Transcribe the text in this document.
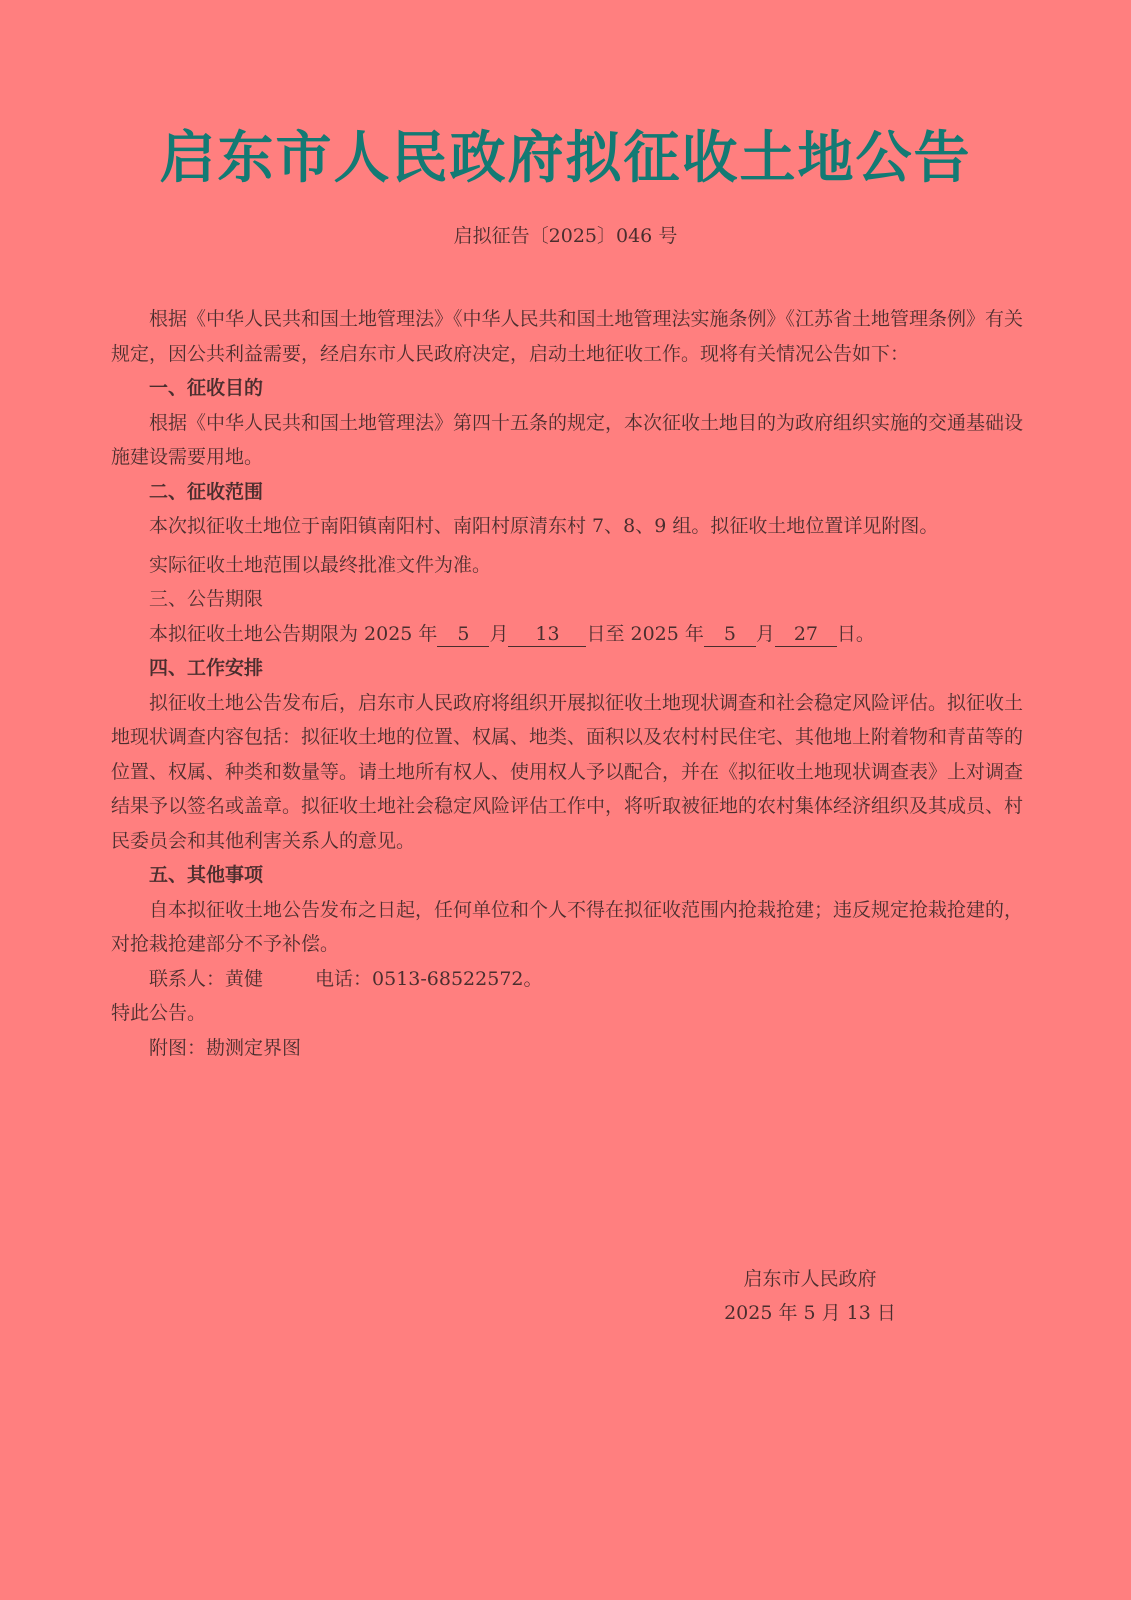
启东市人民政府拟征收土地公告
启拟征告〔2025〕046 号

根据《中华人民共和国土地管理法》《中华人民共和国土地管理法实施条例》《江苏省土地管理条例》有关规定，因公共利益需要，经启东市人民政府决定，启动土地征收工作。现将有关情况公告如下：

一、征收目的

根据《中华人民共和国土地管理法》第四十五条的规定，本次征收土地目的为政府组织实施的交通基础设施建设需要用地。

二、征收范围

本次拟征收土地位于南阳镇南阳村、南阳村原清东村 7、8、9 组。拟征收土地位置详见附图。

实际征收土地范围以最终批准文件为准。

三、公告期限

本拟征收土地公告期限为 2025 年 5 月 13 日至 2025 年 5 月 27 日。

四、工作安排

拟征收土地公告发布后，启东市人民政府将组织开展拟征收土地现状调查和社会稳定风险评估。拟征收土地现状调查内容包括：拟征收土地的位置、权属、地类、面积以及农村村民住宅、其他地上附着物和青苗等的位置、权属、种类和数量等。请土地所有权人、使用权人予以配合，并在《拟征收土地现状调查表》上对调查结果予以签名或盖章。拟征收土地社会稳定风险评估工作中，将听取被征地的农村集体经济组织及其成员、村民委员会和其他利害关系人的意见。

五、其他事项

自本拟征收土地公告发布之日起，任何单位和个人不得在拟征收范围内抢栽抢建；违反规定抢栽抢建的，对抢栽抢建部分不予补偿。

联系人：黄健	电话：0513-68522572。

特此公告。

附图：勘测定界图

启东市人民政府
2025 年 5 月 13 日
